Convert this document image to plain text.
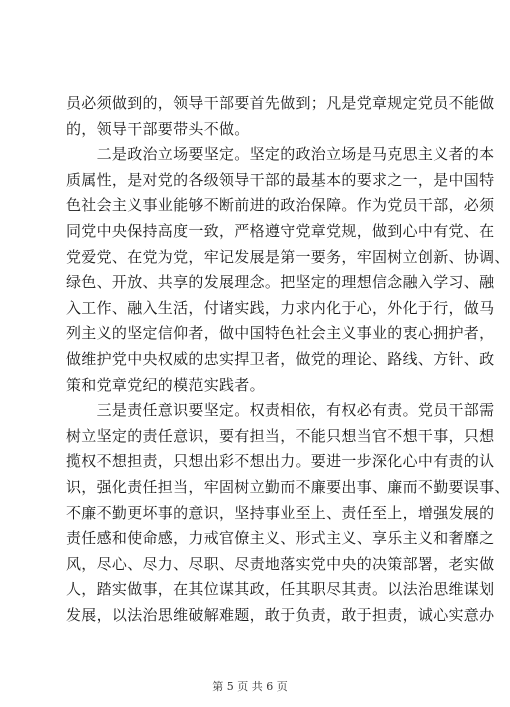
员必须做到的，领导干部要首先做到；凡是党章规定党员不能做
的，领导干部要带头不做。
　　二是政治立场要坚定。坚定的政治立场是马克思主义者的本
质属性，是对党的各级领导干部的最基本的要求之一，是中国特
色社会主义事业能够不断前进的政治保障。作为党员干部，必须
同党中央保持高度一致，严格遵守党章党规，做到心中有党、在
党爱党、在党为党，牢记发展是第一要务，牢固树立创新、协调、
绿色、开放、共享的发展理念。把坚定的理想信念融入学习、融
入工作、融入生活，付诸实践，力求内化于心，外化于行，做马
列主义的坚定信仰者，做中国特色社会主义事业的衷心拥护者，
做维护党中央权威的忠实捍卫者，做党的理论、路线、方针、政
策和党章党纪的模范实践者。
　　三是责任意识要坚定。权责相依，有权必有责。党员干部需
树立坚定的责任意识，要有担当，不能只想当官不想干事，只想
揽权不想担责，只想出彩不想出力。要进一步深化心中有责的认
识，强化责任担当，牢固树立勤而不廉要出事、廉而不勤要误事、
不廉不勤更坏事的意识，坚持事业至上、责任至上，增强发展的
责任感和使命感，力戒官僚主义、形式主义、享乐主义和奢靡之
风，尽心、尽力、尽职、尽责地落实党中央的决策部署，老实做
人，踏实做事，在其位谋其政，任其职尽其责。以法治思维谋划
发展，以法治思维破解难题，敢于负责，敢于担责，诚心实意办
第 5 页 共 6 页
